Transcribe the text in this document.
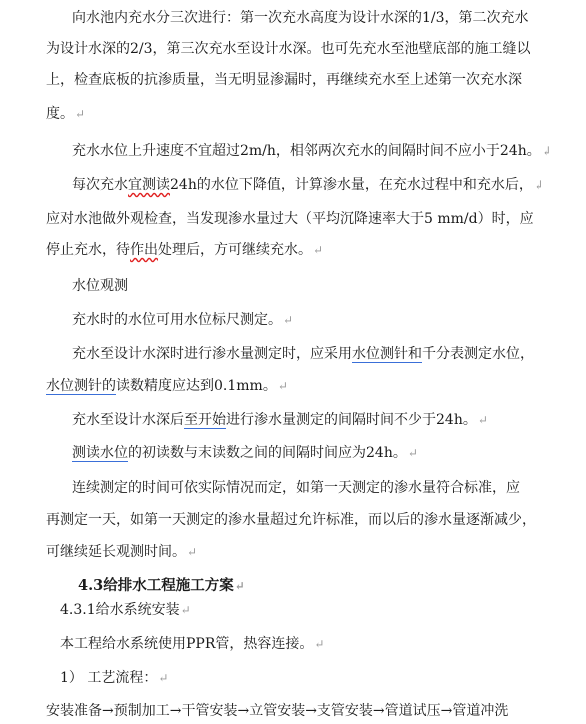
向水池内充水分三次进行：第一次充水高度为设计水深的1/3，第二次充水
为设计水深的2/3，第三次充水至设计水深。也可先充水至池壁底部的施工缝以
上，检查底板的抗渗质量，当无明显渗漏时，再继续充水至上述第一次充水深
度。↵
充水水位上升速度不宜超过2m/h，相邻两次充水的间隔时间不应小于24h。↲
每次充水宜测读24h的水位下降值，计算渗水量，在充水过程中和充水后，↲
应对水池做外观检查，当发现渗水量过大（平均沉降速率大于5 mm/d）时，应
停止充水，待作出处理后，方可继续充水。↵
水位观测
充水时的水位可用水位标尺测定。↵
充水至设计水深时进行渗水量测定时，应采用水位测针和千分表测定水位，
水位测针的读数精度应达到0.1mm。↵
充水至设计水深后至开始进行渗水量测定的间隔时间不少于24h。↵
测读水位的初读数与末读数之间的间隔时间应为24h。↵
连续测定的时间可依实际情况而定，如第一天测定的渗水量符合标准，应
再测定一天，如第一天测定的渗水量超过允许标准，而以后的渗水量逐渐减少，
可继续延长观测时间。↵
4.3给排水工程施工方案↵
4.3.1给水系统安装↵
本工程给水系统使用PPR管，热容连接。↵
1） 工艺流程：↵
安装准备→预制加工→干管安装→立管安装→支管安装→管道试压→管道冲洗
